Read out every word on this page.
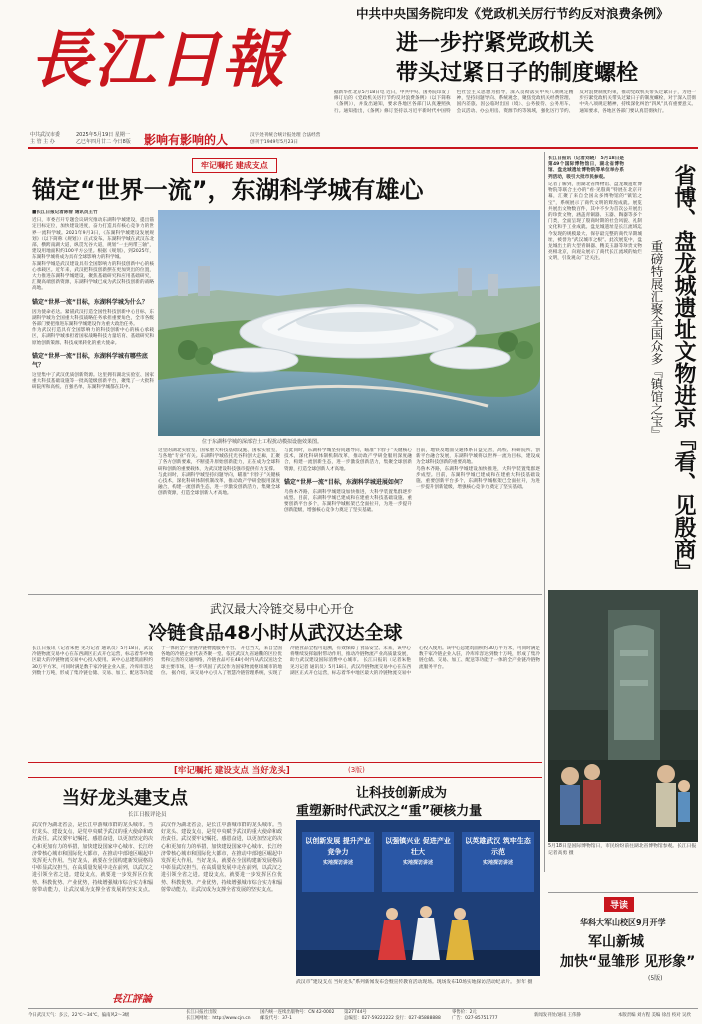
長江日報
中共武汉市委
主 管 主 办
2025年5月19日 星期一
乙巳年四月廿二 今日8版 影响有影响的人	汉字处刊统合统计报处理 合法经营
创刊于1949年5月23日
中共中央国务院印发《党政机关厉行节约反对浪费条例》
进一步拧紧党政机关
带头过紧日子的制度螺栓
据新华社北京5月18日电 近日，中共中央、国务院印发了修订后的《党政机关厉行节约反对浪费条例》（以下简称《条例》），并发出通知，要求各地区各部门认真遵照执行。通知指出，《条例》修订坚持以习近平新时代中国特色社会主义思想为指导，深入贯彻落实中央八项规定精神，坚持问题导向、系统观念，聚焦党政机关经费管理、国内差旅、因公临时出国（境）、公务接待、公务用车、会议活动、办公用房、资源节约等领域，强化厉行节约、反对浪费制度约束，推动党政机关带头过紧日子，为进一步拧紧党政机关带头过紧日子的制度螺栓，对于深入贯彻中央八项规定精神，持续深化纠治“四风”具有重要意义。通知要求，各地区各部门要认真贯彻执行。
牢记嘱托 建成支点
锚定“世界一流”，东湖科学城有雄心
■长江日报记者陈智 通讯员王竹
近日，市委召开专题会议研究推动东湖科学城建设，提出锚定目标定位，加快建设进度，奋力打造具有核心竞争力的世界一流科学城。2021年9月3日，《东湖科学城建设发展规划》（以下简称《规划》）正式发布。东湖科学城在武汉东北部，横跨南湖大道，纵贯光谷大道，规划“一主两带三轴”，建设用地面积约100平方公里。根据《规划》，到2025年，东湖科学城将成为具有全球影响力的科学城。
东湖科学城是武汉建设具有全国影响力的科技创新中心的核心承载区。近年来，武汉把科技创新摆在更加突出的位置，大力推进东湖科学城建设，聚焦基础研究和应用基础研究，汇聚高端创新资源，东湖科学城已成为武汉科技创新的战略高地。
锚定“世界一流”目标，东湖科学城为什么？
因为使命必达。紧锚武汉打造全国性科技创新中心目标，东湖科学城为全国重大科技战略任务承担重要角色，全市各级各部门要把推进东湖科学城建设作为重大政治任务。
作为武汉打造具有全国影响力的科技创新中心的核心承载区，东湖科学城承担着国家战略科技力量培育、基础研究和原始创新策源、科技成果转化的重大使命。
锚定“世界一流”目标，东湖科学城有哪些底气？
这里集中了武汉优质创新资源。这里拥有湖北实验室、国家重大科技基础设施等一批高能级创新平台，聚集了一大批科研院所和高校。百强名单，东湖科学城都在其中。
位于东湖科学城的深部岩土工程扰动模拟设施效果图。
这里的湖北实验室、国家重大科技基础设施、国家实验室，与各地“专业”有关。东湖科学城依托光谷科创大走廊，汇聚了各方创新要素，不断提升原始创新能力，正在成为全球科研和创新的重要载体，为武汉建设科技强市提供有力支撑。
与此同时，东湖科学城坚持问题导向，瞄准“卡脖子”关键核心技术，深化科研体制机制改革，推动政产学研金服用深度融合，构建一流创新生态，进一步激发创新活力，集聚全球创新资源，打造全球创新人才高地。
与此同时，东湖科学城坚持问题导向，瞄准“卡脖子”关键核心技术，深化科研体制机制改革，推动政产学研金服用深度融合，构建一流创新生态，进一步激发创新活力，集聚全球创新资源，打造全球创新人才高地。
锚定“世界一流”目标，东湖科学城进展如何？
乌鲁木齐路，东湖科学城建设加快推进，大科学装置集群逐步成型。目前，东湖科学城已建成和在建重大科技基础设施、重要创新平台多个，东湖科学城框架已全面拉开，为进一步提升创新能级，增强核心竞争力奠定了坚实基础。
目前，地铁及地面交通体系日益完善，高校、科研院所、创新平台融合发展，东湖科学城将以世界一流为目标，建设成为全球科技创新的重要高地。
乌鲁木齐路，东湖科学城建设加快推进，大科学装置集群逐步成型。目前，东湖科学城已建成和在建重大科技基础设施、重要创新平台多个，东湖科学城框架已全面拉开，为进一步提升创新能级，增强核心竞争力奠定了坚实基础。
长江日报讯（记者刘晓） 5月18日是第49个国际博物馆日，湖北省博物馆、盘龙城遗址博物院等单位举办系列活动，吸引大批市民参观。	省博、盘龙城遗址文物进京『看、见殷商』
重磅特展汇聚全国众多『镇馆之宝』
记者了解到，由湖北省博物馆、盘龙城遗址博物院等联合主办的“看·见殷商”特展在北京开幕，汇聚了来自全国众多博物馆的“镇馆之宝”，系统展示了商代文明的辉煌成就。展览共展出文物数百件，其中不少为首次公开展出的珍贵文物，涵盖青铜器、玉器、陶器等多个门类，全面呈现了殷商时期的社会风貌、礼制文化和手工业成就。盘龙城遗址是长江流域迄今发现的规模最大、保存最完整的商代早期城址，被誉为“武汉城市之根”。此次展览中，盘龙城出土的大型青铜器、精美玉器等珍贵文物亮相北京，向观众展示了商代长江流域的灿烂文明，引发观众广泛关注。
5月18日是国际博物馆日，市民纷纷前往湖北省博物馆参观。长江日报记者高勇 摄
导读
华科大军山校区9月开学
军山新城
加快“显雏形 见形象”
(5版)
武汉最大冷链交易中心开仓
冷链食品48小时从武汉达全球
长江日报讯（记者朱艳 见习记者 通讯员）5月18日，武汉冷链物流交易中心在东西湖区正式开仓运营，标志着华中地区最大的冷链物流交易中心投入使用。该中心总建筑面积约30万平方米，可同时满足数千家冷链企业入驻，冷库库容达到数十万吨，形成了集冷链仓储、交易、加工、配送等功能于一体的全产业链冷链物流服务平台。 开仓当天，来自全国各地的冷链企业代表齐聚一堂。依托武汉九省通衢的区位优势和完善的交通网络，冷链食品可在48小时内从武汉送达全球主要市场，进一步巩固了武汉作为国家物流枢纽城市的地位。 据介绍，该交易中心引入了智慧冷链管理系统，实现了冷链食品全程可追溯，有效保障了食品安全。未来，该中心将继续发挥辐射带动作用，推动冷链物流产业高质量发展，助力武汉建设国际消费中心城市。 长江日报讯（记者朱艳 见习记者 通讯员）5月18日，武汉冷链物流交易中心在东西湖区正式开仓运营，标志着华中地区最大的冷链物流交易中心投入使用。该中心总建筑面积约30万平方米，可同时满足数千家冷链企业入驻，冷库库容达到数十万吨，形成了集冷链仓储、交易、加工、配送等功能于一体的全产业链冷链物流服务平台。
[牢记嘱托 建设支点 当好龙头]	(3版)
当好龙头建支点
长江日报评论员
武汉作为湖北省会，是长江中游城市群的龙头城市。当好龙头、建设支点，是党中央赋予武汉的重大使命和政治责任。武汉要牢记嘱托、感恩奋进，以更加坚定的决心和更加有力的举措，加快建设国家中心城市、长江经济带核心城市和国际化大都市，在推动中部地区崛起中发挥更大作用。当好龙头，就要在全国构建新发展格局中彰显武汉担当，在高质量发展中走在前列，以武汉之进引领全省之进。建设支点，就要进一步发挥区位优势、科教优势、产业优势，持续增强城市综合实力和辐射带动能力，让武汉成为支撑全省发展的坚实支点。 武汉作为湖北省会，是长江中游城市群的龙头城市。当好龙头、建设支点，是党中央赋予武汉的重大使命和政治责任。武汉要牢记嘱托、感恩奋进，以更加坚定的决心和更加有力的举措，加快建设国家中心城市、长江经济带核心城市和国际化大都市，在推动中部地区崛起中发挥更大作用。当好龙头，就要在全国构建新发展格局中彰显武汉担当，在高质量发展中走在前列，以武汉之进引领全省之进。建设支点，就要进一步发挥区位优势、科教优势、产业优势，持续增强城市综合实力和辐射带动能力，让武汉成为支撑全省发展的坚实支点。
長江評論
让科技创新成为
重塑新时代武汉之“重”硬核力量
以创新发展 提升产业竞争力
实地探访讲述
以强镇兴业 促进产业壮大
实地探访讲述
以英雄武汉 筑牢生态示范
实地探访讲述
武汉市“建设支点 当好龙头”系列新闻发布会暨宣传教育活动现场。现场发布10场实地探访活动纪录片。 彭年 摄
今日武汉天气：多云，22℃～34℃，偏南风2～3级
长江日报社出版
长江网网址：http://www.cjn.cn
国内统一连续出版物号：CN 42-0002
邮发代号：37-1
第27744号
总编室：027-59222222 发行：027-85888888
零售价：2元
广告：027-85751777
新闻发刊处/通讯 王伟静	本版责编 刘方程 美编 徐昌 校对 吴欣
